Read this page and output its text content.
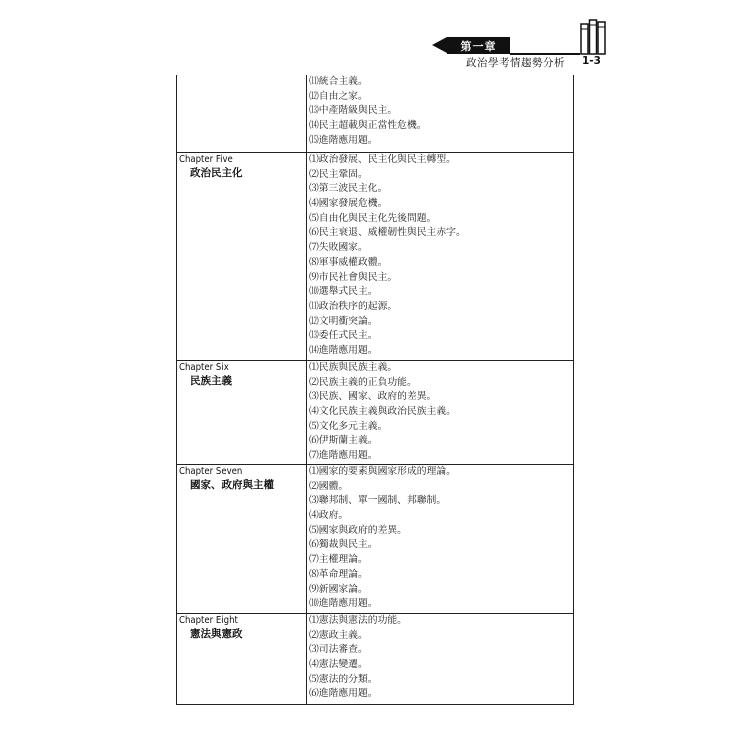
第一章
政治學考情趨勢分析 1-3
⑾統合主義。
⑿自由之家。
⒀中產階級與民主。
⒁民主超載與正當性危機。
⒂進階應用題。
Chapter Five
政治民主化
⑴政治發展、民主化與民主轉型。
⑵民主鞏固。
⑶第三波民主化。
⑷國家發展危機。
⑸自由化與民主化先後問題。
⑹民主衰退、威權韌性與民主赤字。
⑺失敗國家。
⑻軍事威權政體。
⑼市民社會與民主。
⑽選舉式民主。
⑾政治秩序的起源。
⑿文明衝突論。
⒀委任式民主。
⒁進階應用題。
Chapter Six
民族主義
⑴民族與民族主義。
⑵民族主義的正負功能。
⑶民族、國家、政府的差異。
⑷文化民族主義與政治民族主義。
⑸文化多元主義。
⑹伊斯蘭主義。
⑺進階應用題。
Chapter Seven
國家、政府與主權
⑴國家的要素與國家形成的理論。
⑵國體。
⑶聯邦制、單一國制、邦聯制。
⑷政府。
⑸國家與政府的差異。
⑹獨裁與民主。
⑺主權理論。
⑻革命理論。
⑼新國家論。
⑽進階應用題。
Chapter Eight
憲法與憲政
⑴憲法與憲法的功能。
⑵憲政主義。
⑶司法審查。
⑷憲法變遷。
⑸憲法的分類。
⑹進階應用題。
